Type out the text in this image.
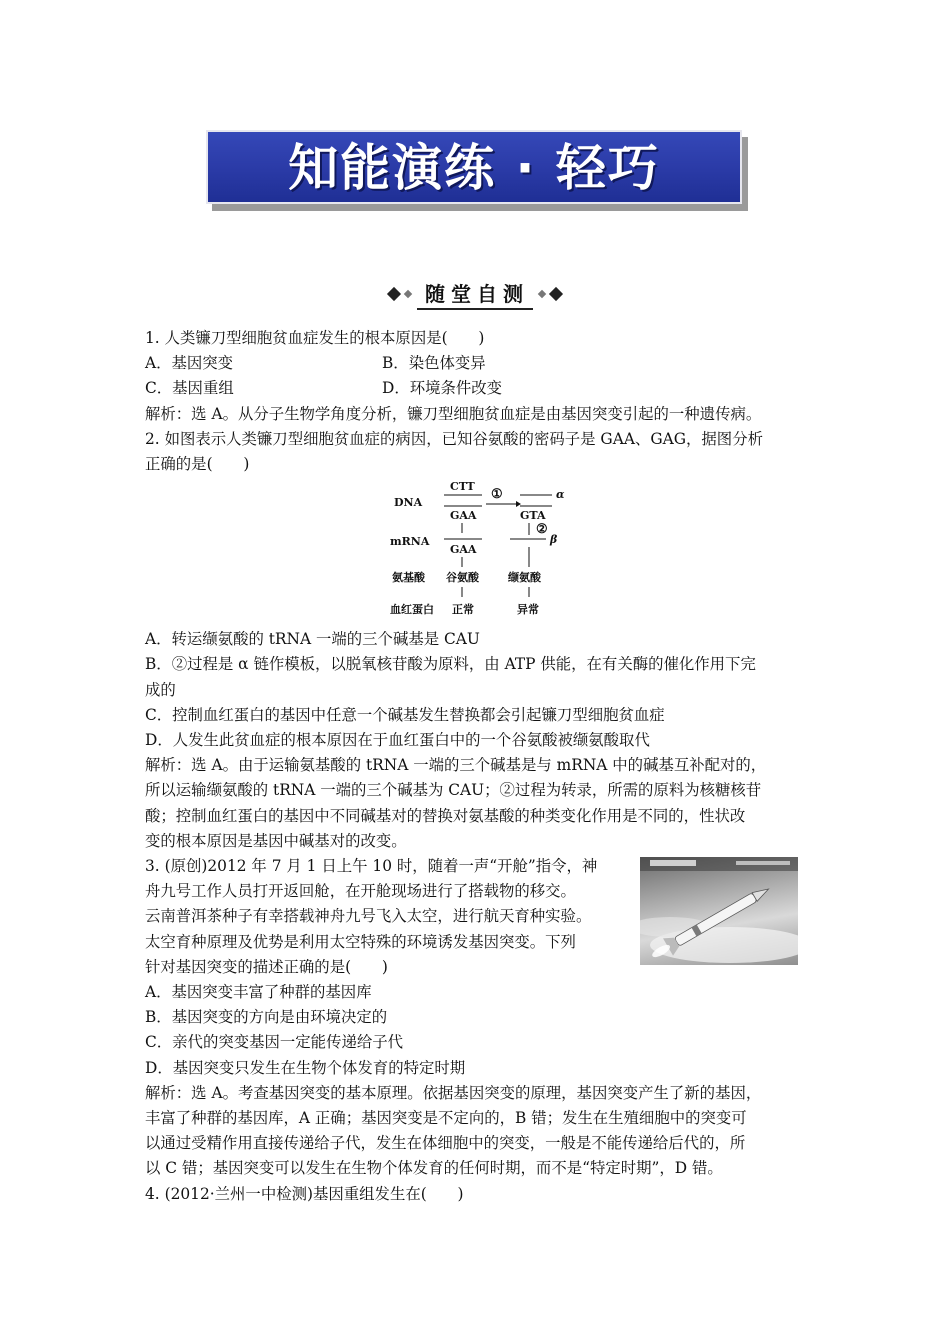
知能演练 · 轻巧
随堂自测
1. 人类镰刀型细胞贫血症发生的根本原因是(　　)
A．基因突变	B．染色体变异
C．基因重组	D．环境条件改变
解析：选 A。从分子生物学角度分析，镰刀型细胞贫血症是由基因突变引起的一种遗传病。
2. 如图表示人类镰刀型细胞贫血症的病因，已知谷氨酸的密码子是 GAA、GAG，据图分析
正确的是(　　)
DNA
CTT
GAA
①	α
GTA
②
mRNA
GAA
β
氨基酸 谷氨酸	缬氨酸
血红蛋白 正常	异常
A．转运缬氨酸的 tRNA 一端的三个碱基是 CAU
B．②过程是 α 链作模板，以脱氧核苷酸为原料，由 ATP 供能，在有关酶的催化作用下完
成的
C．控制血红蛋白的基因中任意一个碱基发生替换都会引起镰刀型细胞贫血症
D．人发生此贫血症的根本原因在于血红蛋白中的一个谷氨酸被缬氨酸取代
解析：选 A。由于运输氨基酸的 tRNA 一端的三个碱基是与 mRNA 中的碱基互补配对的，
所以运输缬氨酸的 tRNA 一端的三个碱基为 CAU；②过程为转录，所需的原料为核糖核苷
酸；控制血红蛋白的基因中不同碱基对的替换对氨基酸的种类变化作用是不同的，性状改
变的根本原因是基因中碱基对的改变。
3. (原创)2012 年 7 月 1 日上午 10 时，随着一声“开舱”指令，神
舟九号工作人员打开返回舱，在开舱现场进行了搭载物的移交。
云南普洱茶种子有幸搭载神舟九号飞入太空，进行航天育种实验。
太空育种原理及优势是利用太空特殊的环境诱发基因突变。下列
针对基因突变的描述正确的是(　　)
A．基因突变丰富了种群的基因库
B．基因突变的方向是由环境决定的
C．亲代的突变基因一定能传递给子代
D．基因突变只发生在生物个体发育的特定时期
解析：选 A。考查基因突变的基本原理。依据基因突变的原理，基因突变产生了新的基因，
丰富了种群的基因库，A 正确；基因突变是不定向的，B 错；发生在生殖细胞中的突变可
以通过受精作用直接传递给子代，发生在体细胞中的突变，一般是不能传递给后代的，所
以 C 错；基因突变可以发生在生物个体发育的任何时期，而不是“特定时期”，D 错。
4. (2012·兰州一中检测)基因重组发生在(　　)
